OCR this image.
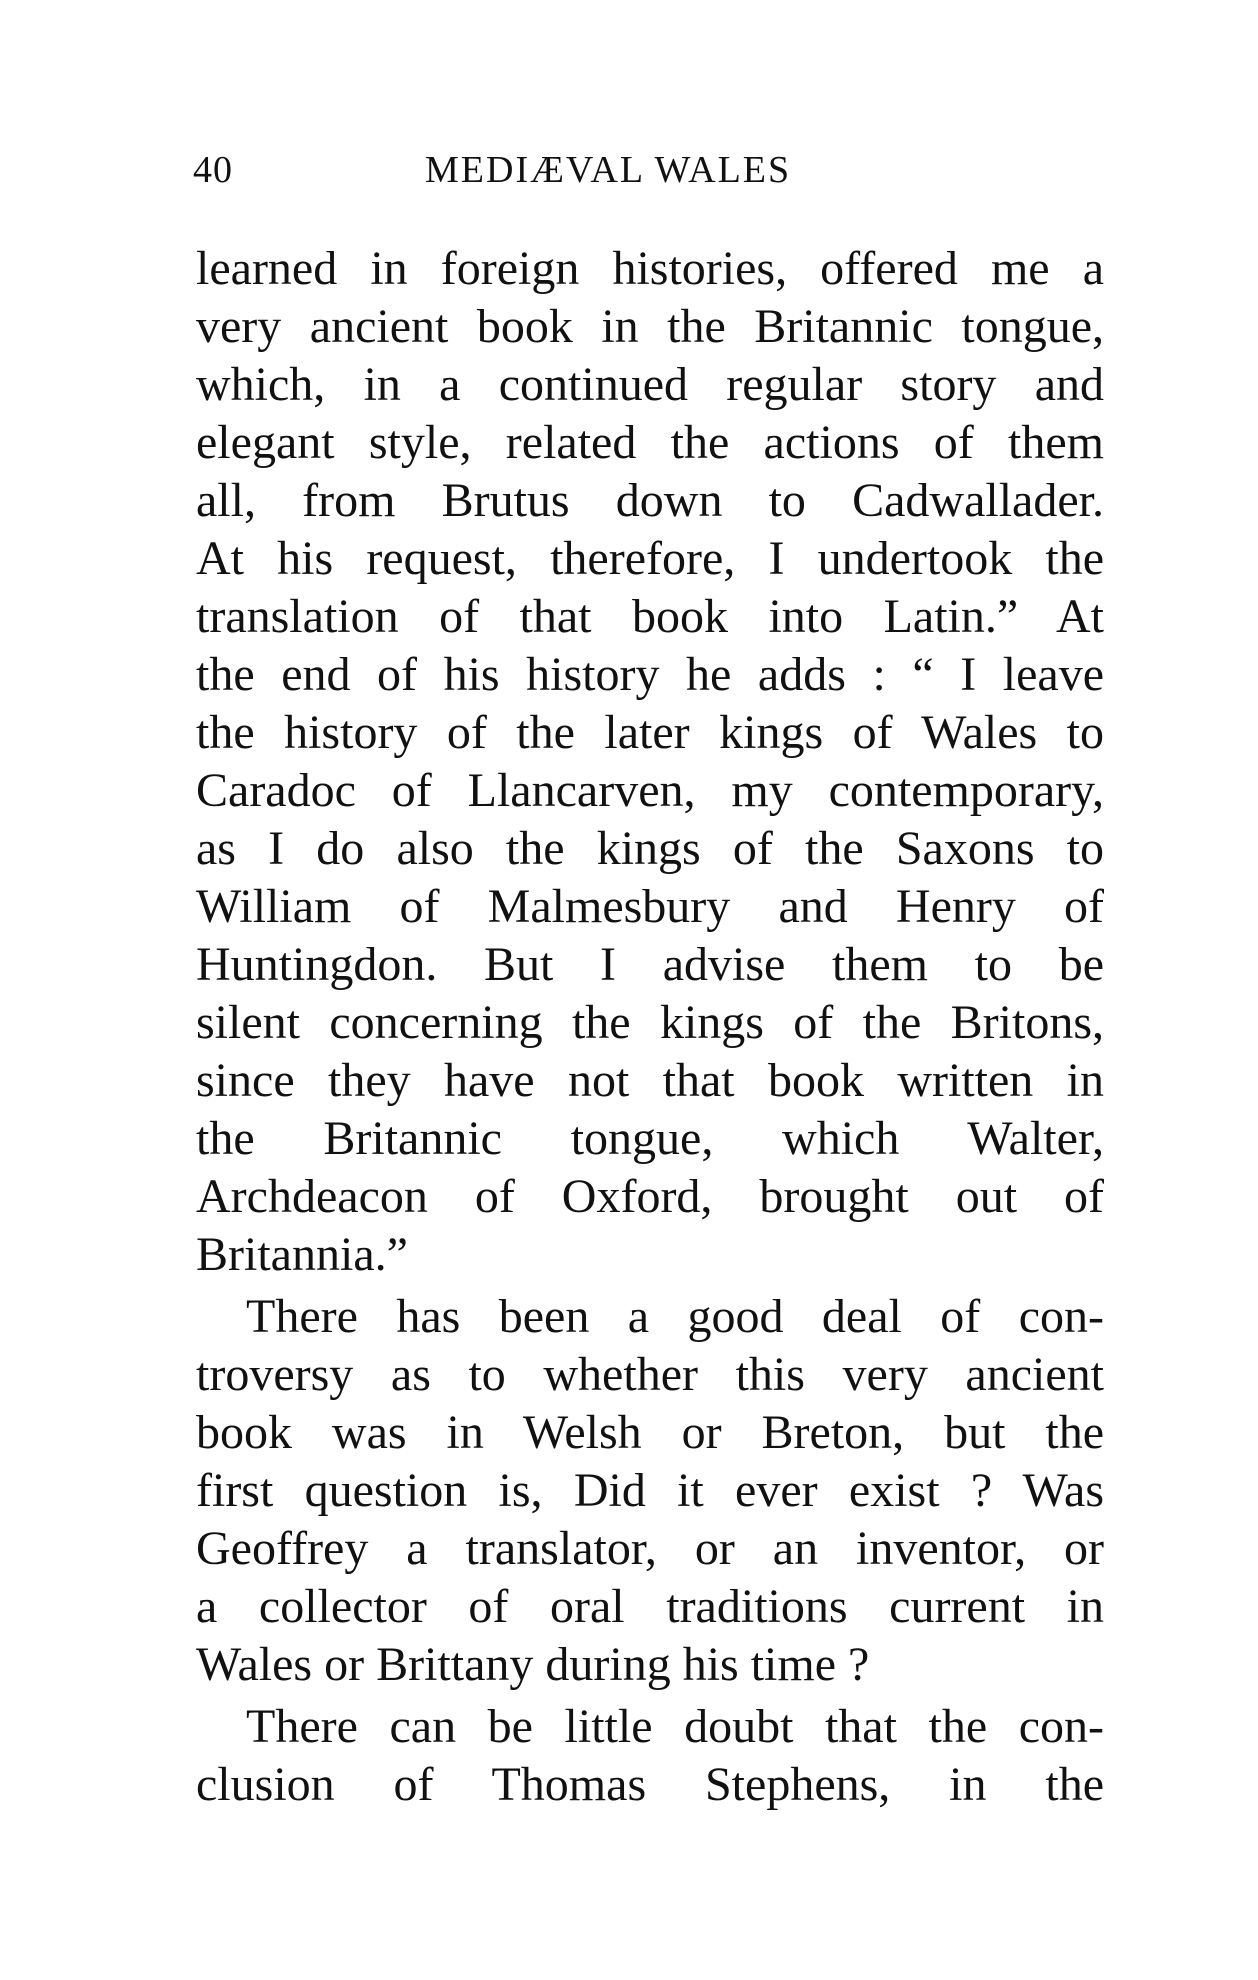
40	MEDIÆVAL WALES
learned in foreign histories, offered me a
very ancient book in the Britannic tongue,
which, in a continued regular story and
elegant style, related the actions of them
all, from Brutus down to Cadwallader.
At his request, therefore, I undertook the
translation of that book into Latin.” At
the end of his history he adds : “ I leave
the history of the later kings of Wales to
Caradoc of Llancarven, my contemporary,
as I do also the kings of the Saxons to
William of Malmesbury and Henry of
Huntingdon. But I advise them to be
silent concerning the kings of the Britons,
since they have not that book written in
the Britannic tongue, which Walter,
Archdeacon of Oxford, brought out of
Britannia.”
There has been a good deal of con-
troversy as to whether this very ancient
book was in Welsh or Breton, but the
first question is, Did it ever exist ? Was
Geoffrey a translator, or an inventor, or
a collector of oral traditions current in
Wales or Brittany during his time ?
There can be little doubt that the con-
clusion of Thomas Stephens, in the
